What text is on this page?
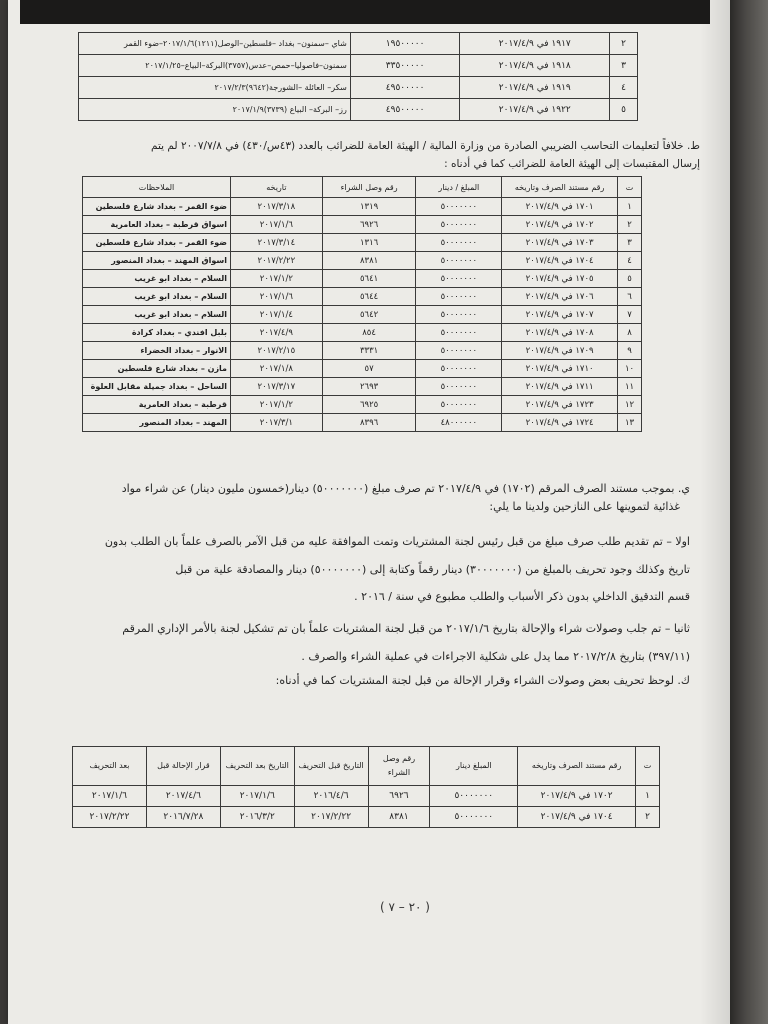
٢	١٩١٧ في ٢٠١٧/٤/٩	١٩٥٠٠٠٠٠	شاي –سمنون– بغداد –فلسطين–الوصل(١٢١١)٢٠١٧/١/٦–ضوء القمر
٣	١٩١٨ في ٢٠١٧/٤/٩	٣٣٥٠٠٠٠٠	سمنون–فاصوليا–حمص–عدس(٣٧٥٧)البركة–البياع–٢٠١٧/١/٢٥
٤	١٩١٩ في ٢٠١٧/٤/٩	٤٩٥٠٠٠٠٠	سكر– العائلة –الشورجة(٩٦٤٢)٢٠١٧/٢/٣
٥	١٩٢٢ في ٢٠١٧/٤/٩	٤٩٥٠٠٠٠٠	رز– البركة– البياع (٣٧٣٩)٢٠١٧/١/٩
ط. خلافاً لتعليمات التحاسب الضريبي الصادرة من وزارة المالية / الهيئة العامة للضرائب بالعدد (٤٣س/٤٣٠) في ٢٠٠٧/٧/٨ لم يتم
إرسال المقتبسات إلى الهيئة العامة للضرائب كما في أدناه :
ت	رقم مستند الصرف وتاريخه	المبلغ / دينار	رقم وصل الشراء	تاريخه	الملاحظات
١	١٧٠١ في ٢٠١٧/٤/٩	٥٠٠٠٠٠٠٠	١٣١٩	٢٠١٧/٣/١٨	ضوء القمر – بغداد شارع فلسطين
٢	١٧٠٢ في ٢٠١٧/٤/٩	٥٠٠٠٠٠٠٠	٦٩٢٦	٢٠١٧/١/٦	اسواق قرطبة – بغداد العامرية
٣	١٧٠٣ في ٢٠١٧/٤/٩	٥٠٠٠٠٠٠٠	١٣١٦	٢٠١٧/٣/١٤	ضوء القمر – بغداد شارع فلسطين
٤	١٧٠٤ في ٢٠١٧/٤/٩	٥٠٠٠٠٠٠٠	٨٣٨١	٢٠١٧/٢/٢٢	اسواق المهند – بغداد المنصور
٥	١٧٠٥ في ٢٠١٧/٤/٩	٥٠٠٠٠٠٠٠	٥٦٤١	٢٠١٧/١/٢	السلام – بغداد ابو غريب
٦	١٧٠٦ في ٢٠١٧/٤/٩	٥٠٠٠٠٠٠٠	٥٦٤٤	٢٠١٧/١/٦	السلام – بغداد ابو غريب
٧	١٧٠٧ في ٢٠١٧/٤/٩	٥٠٠٠٠٠٠٠	٥٦٤٢	٢٠١٧/١/٤	السلام – بغداد ابو غريب
٨	١٧٠٨ في ٢٠١٧/٤/٩	٥٠٠٠٠٠٠٠	٨٥٤	٢٠١٧/٤/٩	بلبل افندي – بغداد كرادة
٩	١٧٠٩ في ٢٠١٧/٤/٩	٥٠٠٠٠٠٠٠	٣٣٣١	٢٠١٧/٢/١٥	الانوار – بغداد الخضراء
١٠	١٧١٠ في ٢٠١٧/٤/٩	٥٠٠٠٠٠٠٠	٥٧	٢٠١٧/١/٨	مازن – بغداد شارع فلسطين
١١	١٧١١ في ٢٠١٧/٤/٩	٥٠٠٠٠٠٠٠	٢٦٩٣	٢٠١٧/٣/١٧	الساحل – بغداد جميلة مقابل العلوة
١٢	١٧٢٣ في ٢٠١٧/٤/٩	٥٠٠٠٠٠٠٠	٦٩٢٥	٢٠١٧/١/٢	قرطبة – بغداد العامرية
١٣	١٧٢٤ في ٢٠١٧/٤/٩	٤٨٠٠٠٠٠٠	٨٣٩٦	٢٠١٧/٣/١	المهند – بغداد المنصور
ي. بموجب مستند الصرف المرقم (١٧٠٢) في ٢٠١٧/٤/٩ تم صرف مبلغ (٥٠٠٠٠٠٠٠) دينار(خمسون مليون دينار) عن شراء مواد
غذائية لتموينها على النازحين ولدينا ما يلي:
اولا – تم تقديم طلب صرف مبلغ من قبل رئيس لجنة المشتريات وتمت الموافقة عليه من قبل الآمر بالصرف علماً بان الطلب بدون
تاريخ وكذلك وجود تحريف بالمبلغ من (٣٠٠٠٠٠٠٠) دينار رقماً وكتابة إلى (٥٠٠٠٠٠٠٠) دينار والمصادقة علية من قبل
قسم التدقيق الداخلي بدون ذكر الأسباب والطلب مطبوع في سنة / ٢٠١٦ .
ثانيا – تم جلب وصولات شراء والإحالة بتاريخ ٢٠١٧/١/٦ من قبل لجنة المشتريات علماً بان تم تشكيل لجنة بالأمر الإداري المرقم
(٣٩٧/١١) بتاريخ ٢٠١٧/٢/٨ مما يدل على شكلية الاجراءات في عملية الشراء والصرف .
ك. لوحظ تحريف بعض وصولات الشراء وقرار الإحالة من قبل لجنة المشتريات كما في أدناه:
ت	رقم مستند الصرف وتاريخه	المبلغ دينار	رقم وصل الشراء	التاريخ قبل التحريف	التاريخ بعد التحريف	قرار الإحالة قبل	بعد التحريف
١	١٧٠٢ في ٢٠١٧/٤/٩	٥٠٠٠٠٠٠٠	٦٩٢٦	٢٠١٦/٤/٦	٢٠١٧/١/٦	٢٠١٧/٤/٦	٢٠١٧/١/٦
٢	١٧٠٤ في ٢٠١٧/٤/٩	٥٠٠٠٠٠٠٠	٨٣٨١	٢٠١٧/٢/٢٢	٢٠١٦/٣/٢	٢٠١٦/٧/٢٨	٢٠١٧/٢/٢٢
( ٢٠ – ٧ )
